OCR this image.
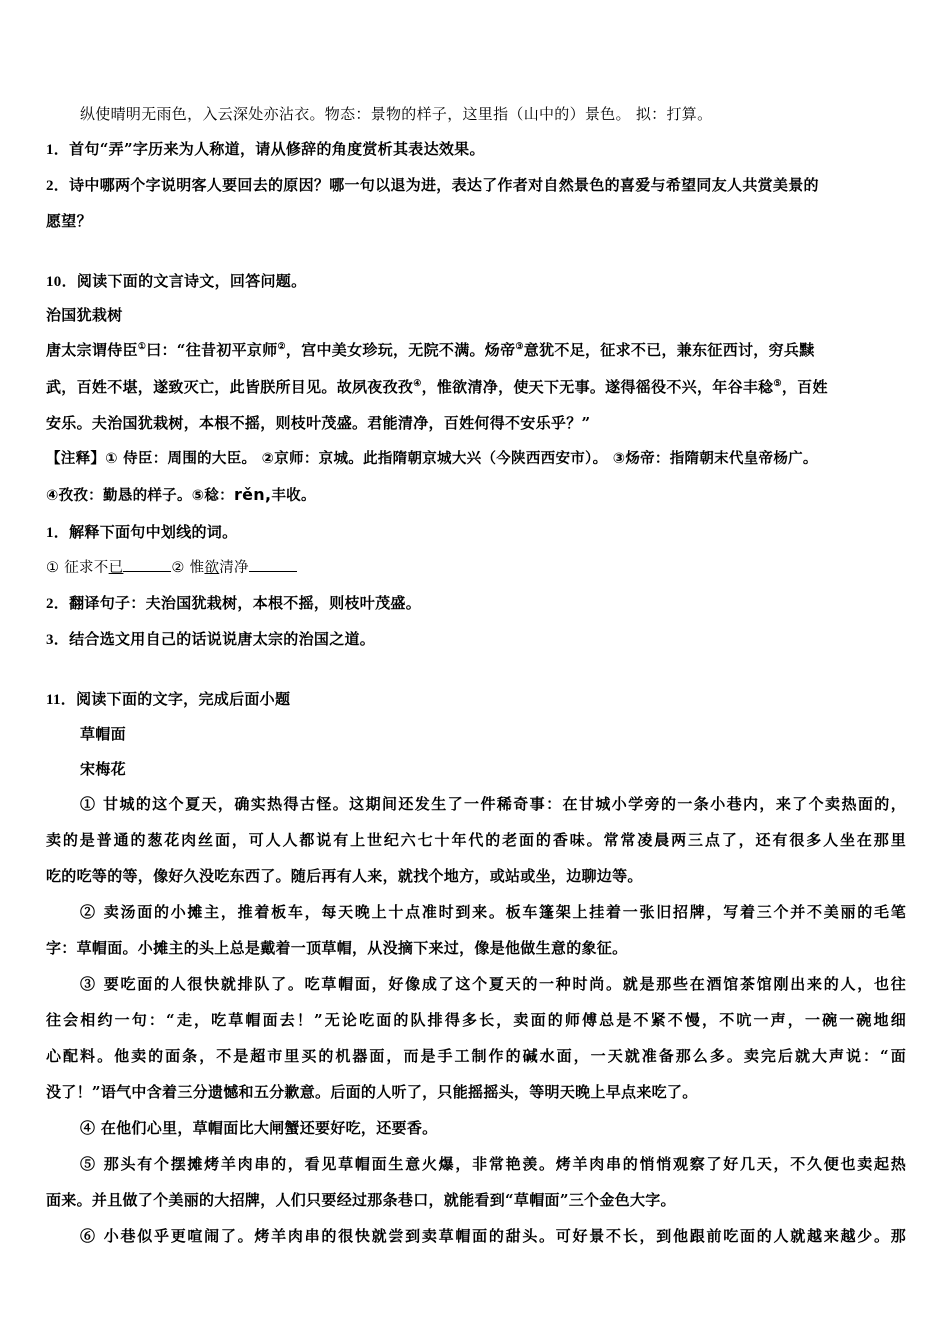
纵使晴明无雨色，入云深处亦沾衣。物态：景物的样子，这里指（山中的）景色。 拟：打算。
1．首句“弄”字历来为人称道，请从修辞的角度赏析其表达效果。
2．诗中哪两个字说明客人要回去的原因？哪一句以退为进，表达了作者对自然景色的喜爱与希望同友人共赏美景的
愿望？
10．阅读下面的文言诗文，回答问题。
治国犹栽树
唐太宗谓侍臣①曰：“往昔初平京师②，宫中美女珍玩，无院不满。炀帝③意犹不足，征求不已，兼东征西讨，穷兵黩
武，百姓不堪，遂致灭亡，此皆朕所目见。故夙夜孜孜④，惟欲清净，使天下无事。遂得徭役不兴，年谷丰稔⑤，百姓
安乐。夫治国犹栽树，本根不摇，则枝叶茂盛。君能清净，百姓何得不安乐乎？”
【注释】① 侍臣：周围的大臣。 ②京师：京城。此指隋朝京城大兴（今陕西西安市）。 ③炀帝：指隋朝末代皇帝杨广。
④孜孜：勤恳的样子。⑤稔：rěn,丰收。
1．解释下面句中划线的词。
① 征求不已	② 惟欲清净
2．翻译句子：夫治国犹栽树，本根不摇，则枝叶茂盛。
3．结合选文用自己的话说说唐太宗的治国之道。
11．阅读下面的文字，完成后面小题
草帽面
宋梅花
① 甘城的这个夏天，确实热得古怪。这期间还发生了一件稀奇事：在甘城小学旁的一条小巷内，来了个卖热面的，
卖的是普通的葱花肉丝面，可人人都说有上世纪六七十年代的老面的香味。常常凌晨两三点了，还有很多人坐在那里
吃的吃等的等，像好久没吃东西了。随后再有人来，就找个地方，或站或坐，边聊边等。
② 卖汤面的小摊主，推着板车，每天晚上十点准时到来。板车篷架上挂着一张旧招牌，写着三个并不美丽的毛笔
字：草帽面。小摊主的头上总是戴着一顶草帽，从没摘下来过，像是他做生意的象征。
③ 要吃面的人很快就排队了。吃草帽面，好像成了这个夏天的一种时尚。就是那些在酒馆茶馆刚出来的人，也往
往会相约一句：“走，吃草帽面去！”无论吃面的队排得多长，卖面的师傅总是不紧不慢，不吭一声，一碗一碗地细
心配料。他卖的面条，不是超市里买的机器面，而是手工制作的碱水面，一天就准备那么多。卖完后就大声说：“面
没了！”语气中含着三分遗憾和五分歉意。后面的人听了，只能摇摇头，等明天晚上早点来吃了。
④ 在他们心里，草帽面比大闸蟹还要好吃，还要香。
⑤ 那头有个摆摊烤羊肉串的，看见草帽面生意火爆，非常艳羡。烤羊肉串的悄悄观察了好几天，不久便也卖起热
面来。并且做了个美丽的大招牌，人们只要经过那条巷口，就能看到“草帽面”三个金色大字。
⑥ 小巷似乎更喧闹了。烤羊肉串的很快就尝到卖草帽面的甜头。可好景不长，到他跟前吃面的人就越来越少。那
